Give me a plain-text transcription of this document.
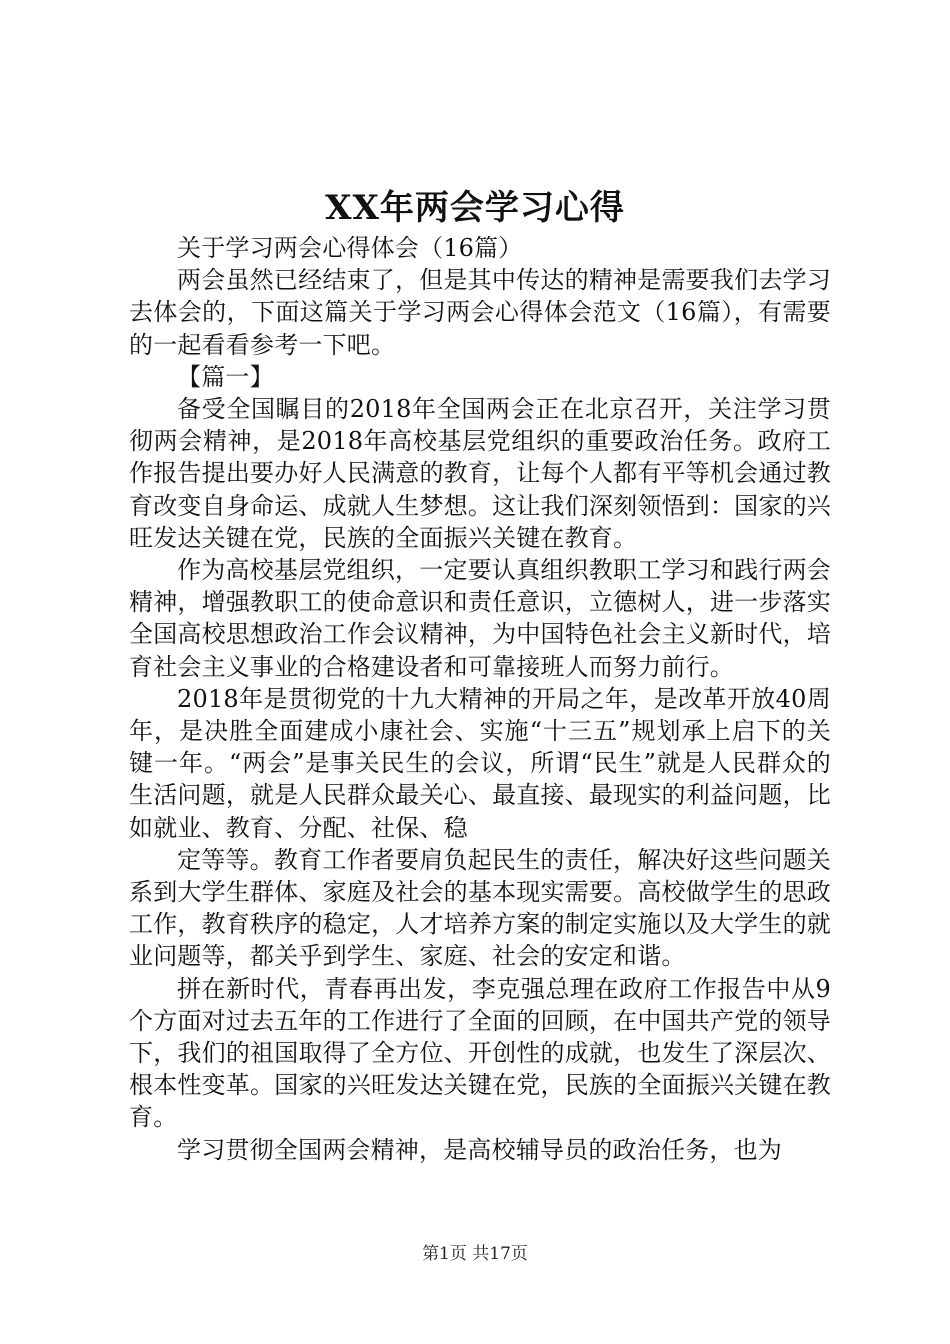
XX年两会学习心得

关于学习两会心得体会（16篇）

两会虽然已经结束了，但是其中传达的精神是需要我们去学习去体会的，下面这篇关于学习两会心得体会范文（16篇），有需要的一起看看参考一下吧。

【篇一】

备受全国瞩目的2018年全国两会正在北京召开，关注学习贯彻两会精神，是2018年高校基层党组织的重要政治任务。政府工作报告提出要办好人民满意的教育，让每个人都有平等机会通过教育改变自身命运、成就人生梦想。这让我们深刻领悟到：国家的兴旺发达关键在党，民族的全面振兴关键在教育。

作为高校基层党组织，一定要认真组织教职工学习和践行两会精神，增强教职工的使命意识和责任意识，立德树人，进一步落实全国高校思想政治工作会议精神，为中国特色社会主义新时代，培育社会主义事业的合格建设者和可靠接班人而努力前行。

2018年是贯彻党的十九大精神的开局之年，是改革开放40周年，是决胜全面建成小康社会、实施“十三五”规划承上启下的关键一年。“两会”是事关民生的会议，所谓“民生”就是人民群众的生活问题，就是人民群众最关心、最直接、最现实的利益问题，比如就业、教育、分配、社保、稳

定等等。教育工作者要肩负起民生的责任，解决好这些问题关系到大学生群体、家庭及社会的基本现实需要。高校做学生的思政工作，教育秩序的稳定，人才培养方案的制定实施以及大学生的就业问题等，都关乎到学生、家庭、社会的安定和谐。

拼在新时代，青春再出发，李克强总理在政府工作报告中从9个方面对过去五年的工作进行了全面的回顾，在中国共产党的领导下，我们的祖国取得了全方位、开创性的成就，也发生了深层次、根本性变革。国家的兴旺发达关键在党，民族的全面振兴关键在教育。

学习贯彻全国两会精神，是高校辅导员的政治任务，也为

第1页 共17页
